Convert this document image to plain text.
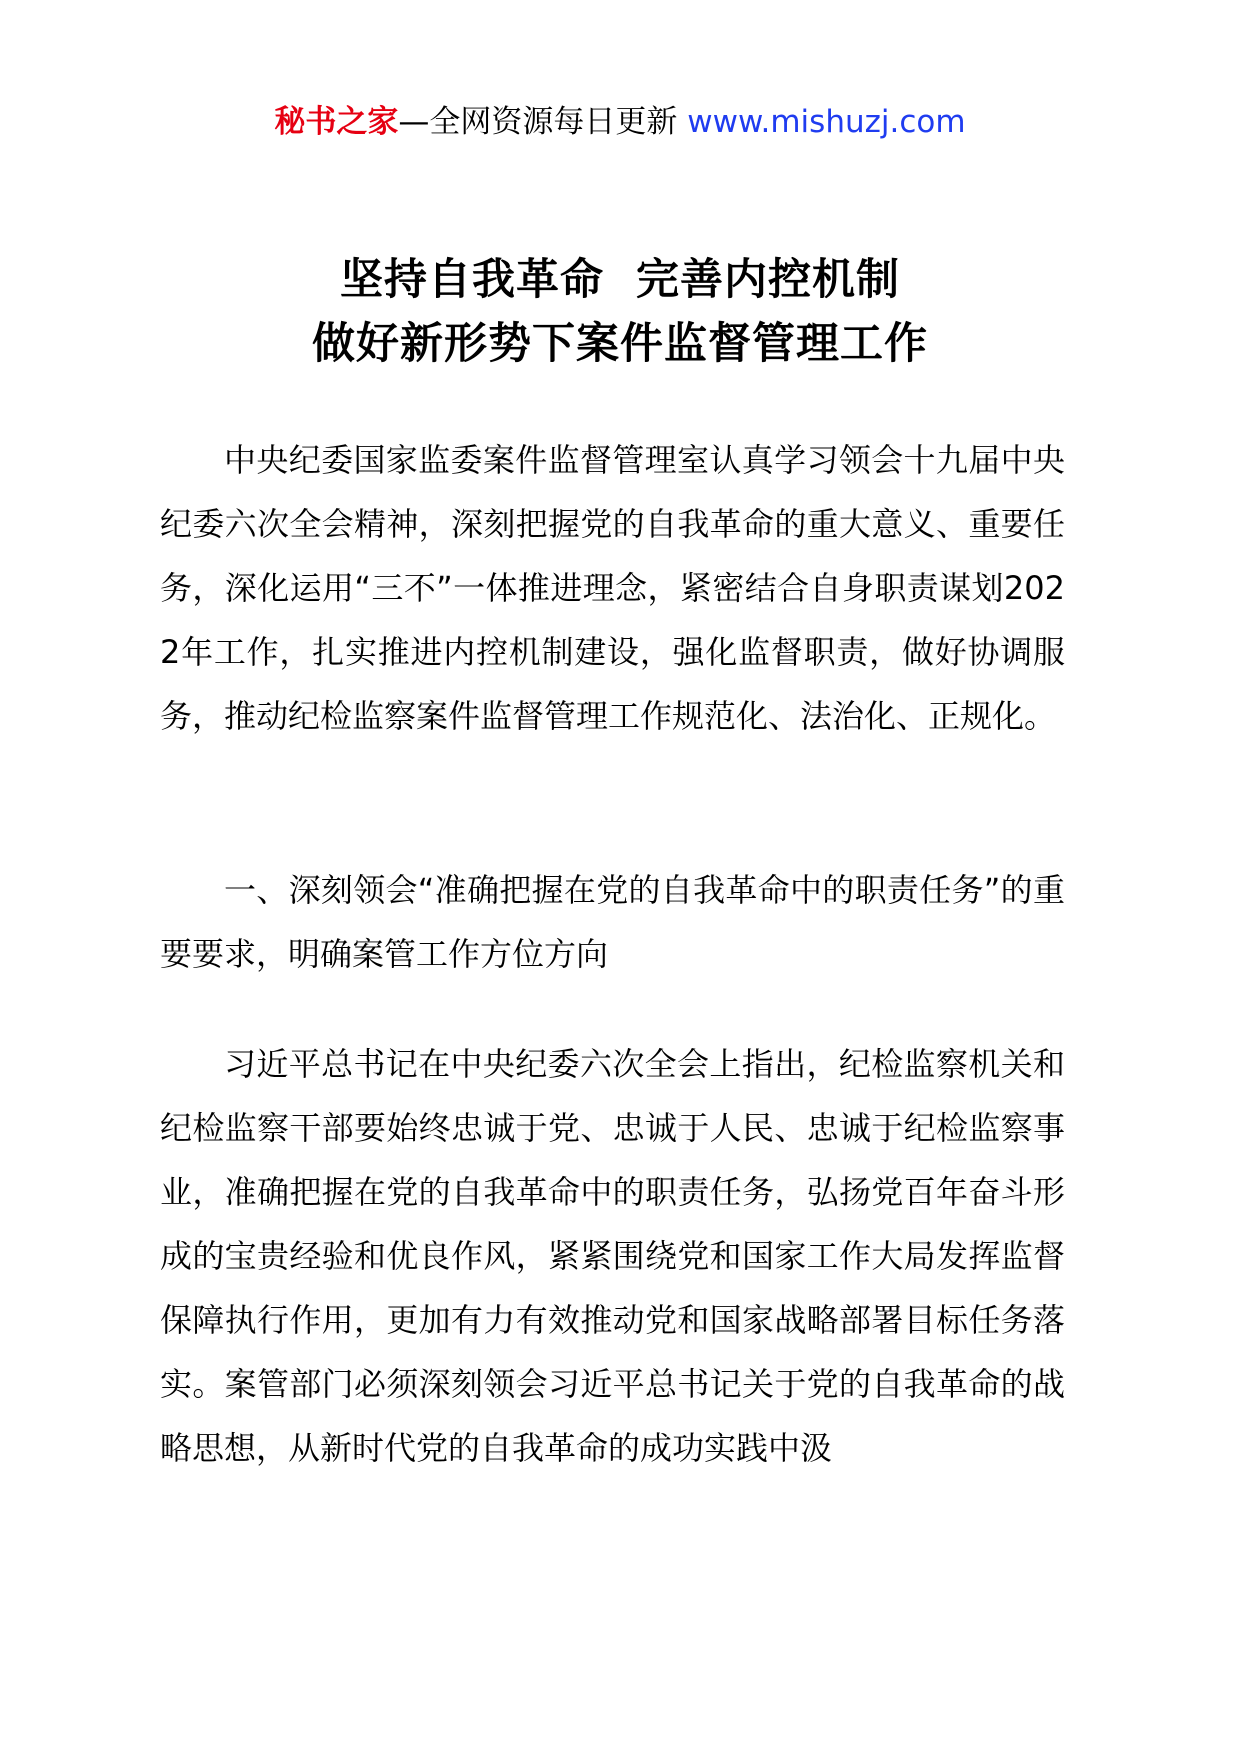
秘书之家—全网资源每日更新 www.mishuzj.com
坚持自我革命  完善内控机制
做好新形势下案件监督管理工作

中央纪委国家监委案件监督管理室认真学习领会十九届中央纪委六次全会精神，深刻把握党的自我革命的重大意义、重要任务，深化运用“三不”一体推进理念，紧密结合自身职责谋划2022年工作，扎实推进内控机制建设，强化监督职责，做好协调服务，推动纪检监察案件监督管理工作规范化、法治化、正规化。

一、深刻领会“准确把握在党的自我革命中的职责任务”的重要要求，明确案管工作方位方向

习近平总书记在中央纪委六次全会上指出，纪检监察机关和纪检监察干部要始终忠诚于党、忠诚于人民、忠诚于纪检监察事业，准确把握在党的自我革命中的职责任务，弘扬党百年奋斗形成的宝贵经验和优良作风，紧紧围绕党和国家工作大局发挥监督保障执行作用，更加有力有效推动党和国家战略部署目标任务落实。案管部门必须深刻领会习近平总书记关于党的自我革命的战略思想，从新时代党的自我革命的成功实践中汲
